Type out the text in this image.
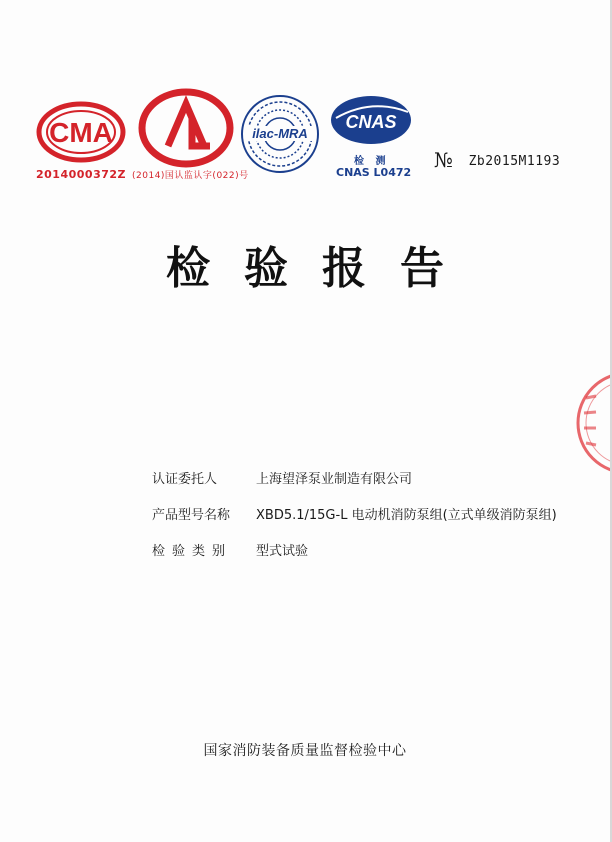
CMA
2014000372Z
CAL
(2014)国认监认字(022)号
ilac-MRA
CNAS
检 测
CNAS L0472
№ Zb2015M1193
检验报告
认证委托人	上海望泽泵业制造有限公司
产品型号名称	XBD5.1/15G-L 电动机消防泵组(立式单级消防泵组)
检验类别	型式试验
国家消防装备质量监督检验中心
